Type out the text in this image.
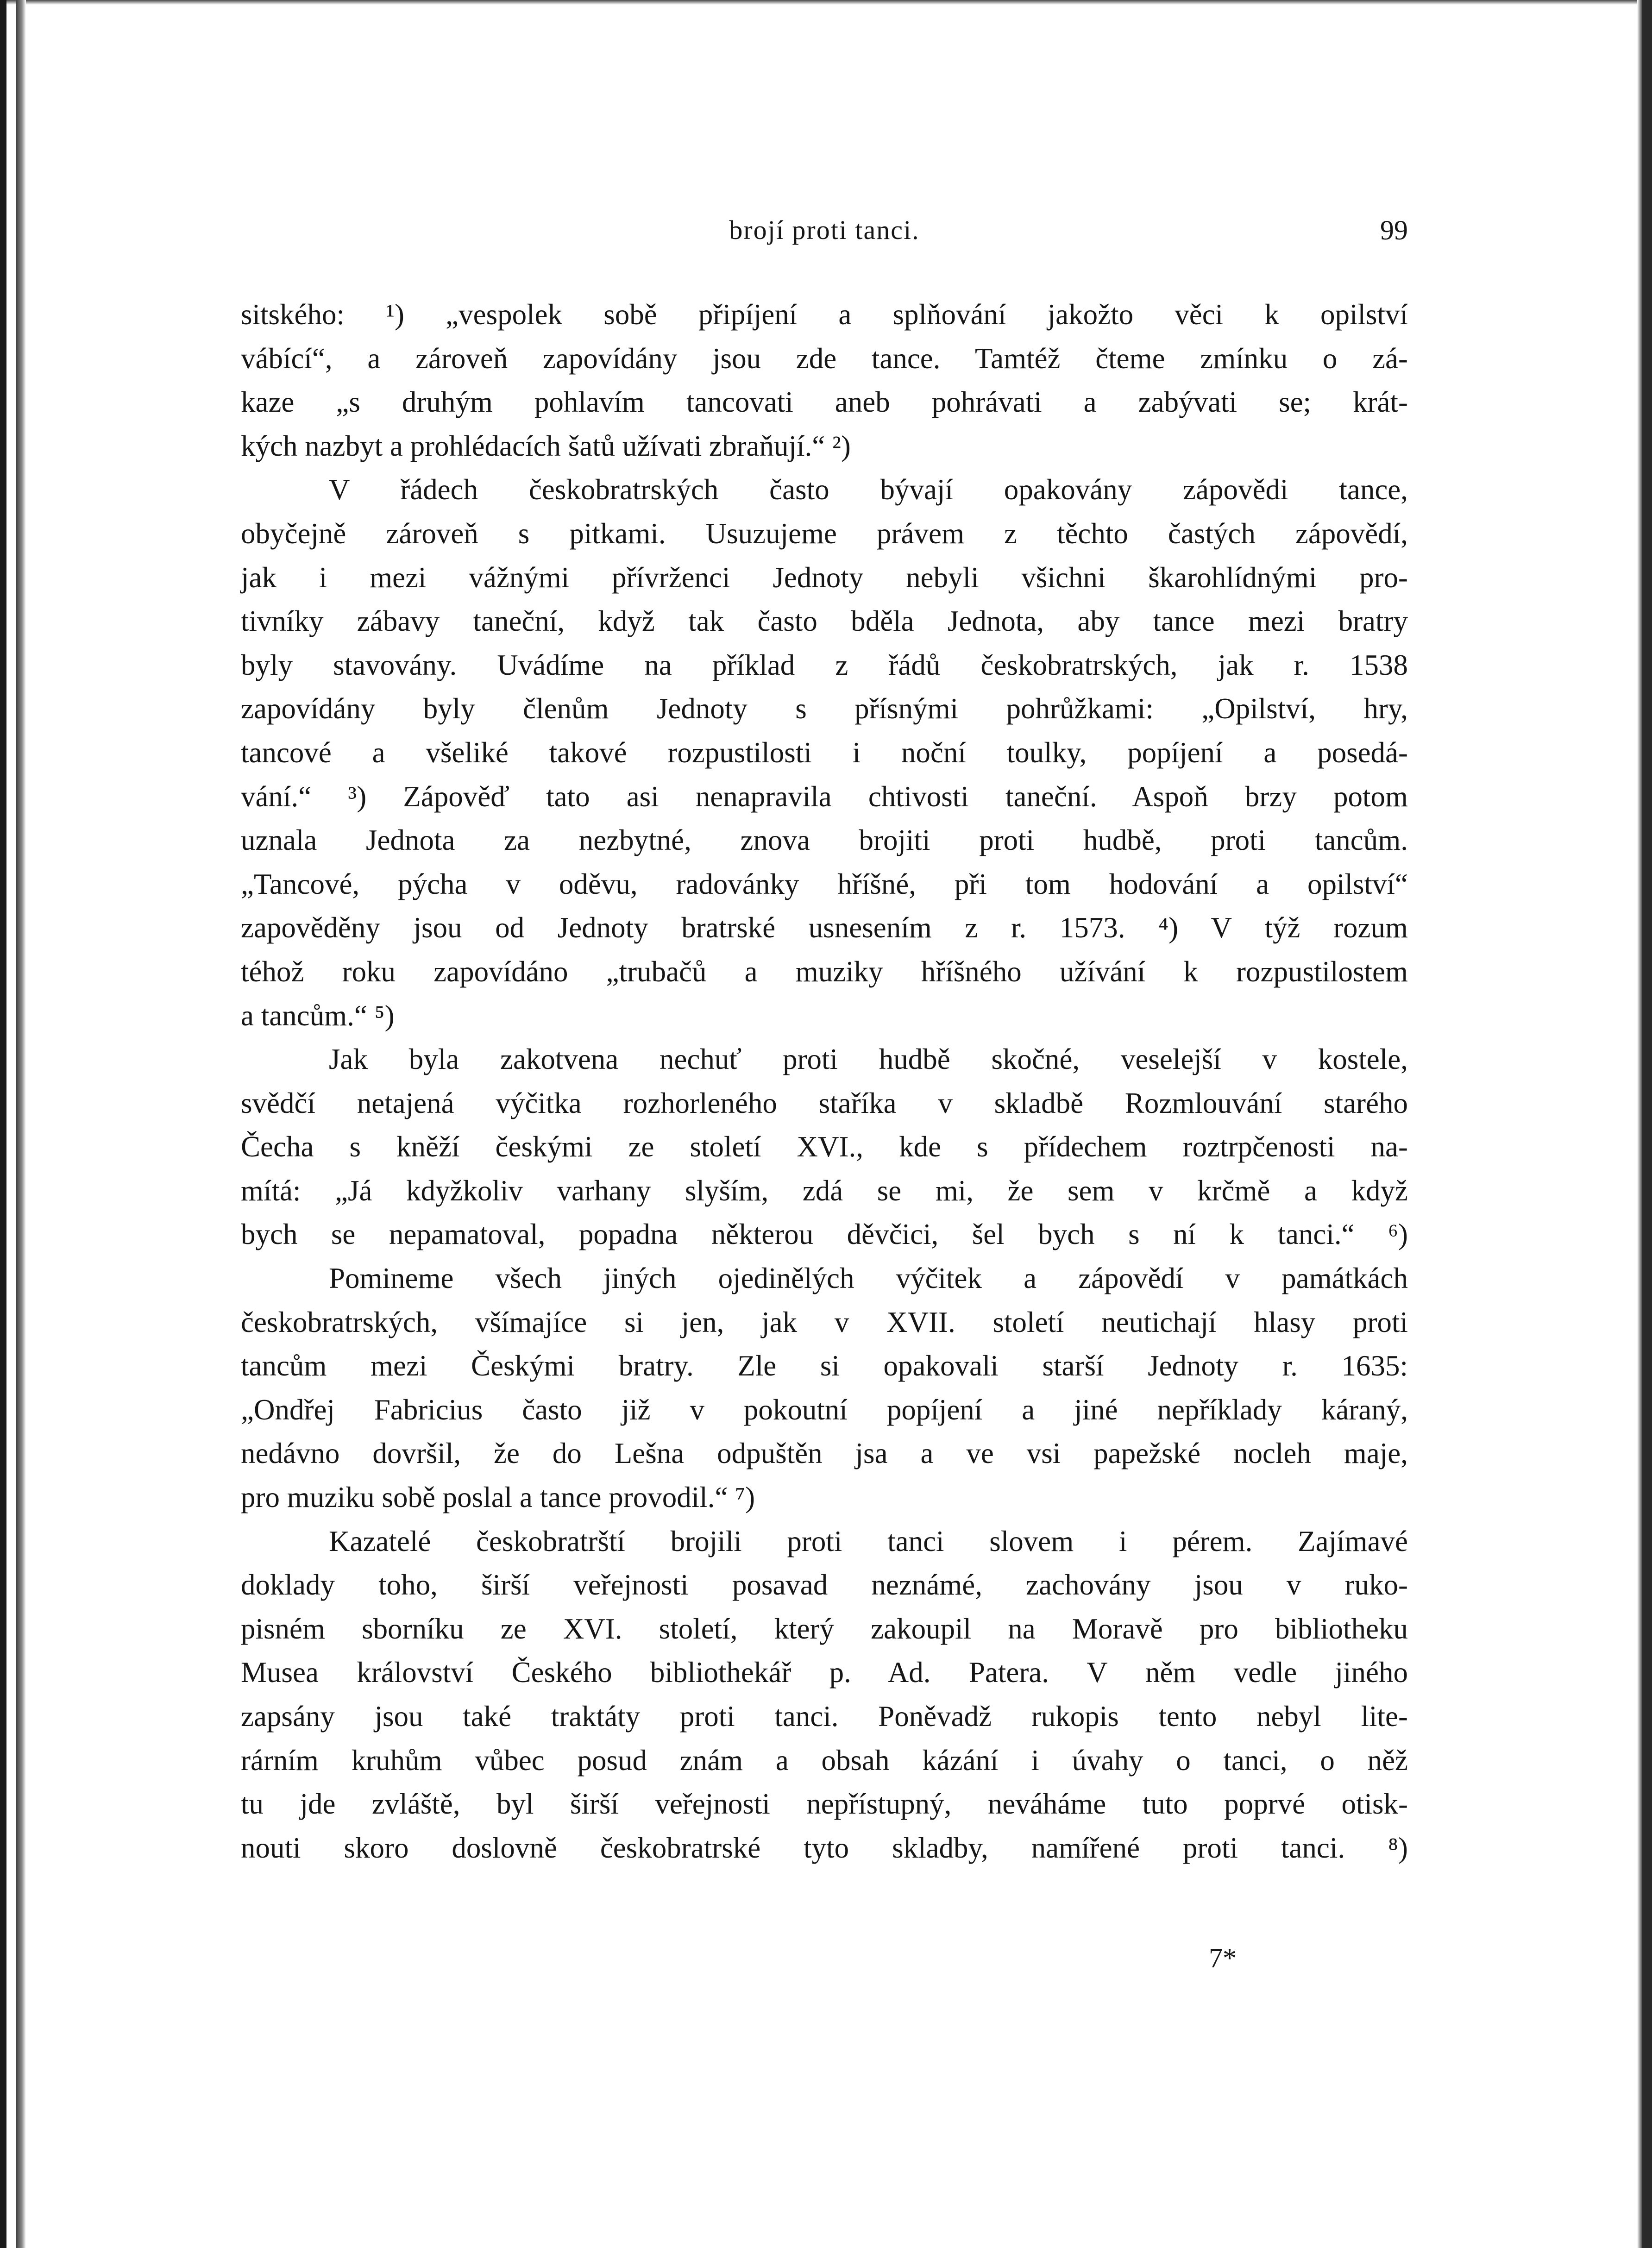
brojí proti tanci.	99
sitského: ¹) „vespolek sobě připíjení a splňování jakožto věci k opilství
vábící“, a zároveň zapovídány jsou zde tance. Tamtéž čteme zmínku o zá-
kaze „s druhým pohlavím tancovati aneb pohrávati a zabývati se; krát-
kých nazbyt a prohlédacích šatů užívati zbraňují.“ ²)
V řádech českobratrských často bývají opakovány zápovědi tance,
obyčejně zároveň s pitkami. Usuzujeme právem z těchto častých zápovědí,
jak i mezi vážnými přívrženci Jednoty nebyli všichni škarohlídnými pro-
tivníky zábavy taneční, když tak často bděla Jednota, aby tance mezi bratry
byly stavovány. Uvádíme na příklad z řádů českobratrských, jak r. 1538
zapovídány byly členům Jednoty s přísnými pohrůžkami: „Opilství, hry,
tancové a všeliké takové rozpustilosti i noční toulky, popíjení a posedá-
vání.“ ³) Zápověď tato asi nenapravila chtivosti taneční. Aspoň brzy potom
uznala Jednota za nezbytné, znova brojiti proti hudbě, proti tancům.
„Tancové, pýcha v oděvu, radovánky hříšné, při tom hodování a opilství“
zapověděny jsou od Jednoty bratrské usnesením z r. 1573. ⁴) V týž rozum
téhož roku zapovídáno „trubačů a muziky hříšného užívání k rozpustilostem
a tancům.“ ⁵)
Jak byla zakotvena nechuť proti hudbě skočné, veselejší v kostele,
svědčí netajená výčitka rozhorleného staříka v skladbě Rozmlouvání starého
Čecha s kněží českými ze století XVI., kde s přídechem roztrpčenosti na-
mítá: „Já kdyžkoliv varhany slyším, zdá se mi, že sem v krčmě a když
bych se nepamatoval, popadna některou děvčici, šel bych s ní k tanci.“ ⁶)
Pomineme všech jiných ojedinělých výčitek a zápovědí v památkách
českobratrských, všímajíce si jen, jak v XVII. století neutichají hlasy proti
tancům mezi Českými bratry. Zle si opakovali starší Jednoty r. 1635:
„Ondřej Fabricius často již v pokoutní popíjení a jiné nepříklady káraný,
nedávno dovršil, že do Lešna odpuštěn jsa a ve vsi papežské nocleh maje,
pro muziku sobě poslal a tance provodil.“ ⁷)
Kazatelé českobratrští brojili proti tanci slovem i pérem. Zajímavé
doklady toho, širší veřejnosti posavad neznámé, zachovány jsou v ruko-
pisném sborníku ze XVI. století, který zakoupil na Moravě pro bibliotheku
Musea království Českého bibliothekář p. Ad. Patera. V něm vedle jiného
zapsány jsou také traktáty proti tanci. Poněvadž rukopis tento nebyl lite-
rárním kruhům vůbec posud znám a obsah kázání i úvahy o tanci, o něž
tu jde zvláště, byl širší veřejnosti nepřístupný, neváháme tuto poprvé otisk-
nouti skoro doslovně českobratrské tyto skladby, namířené proti tanci. ⁸)
7*
